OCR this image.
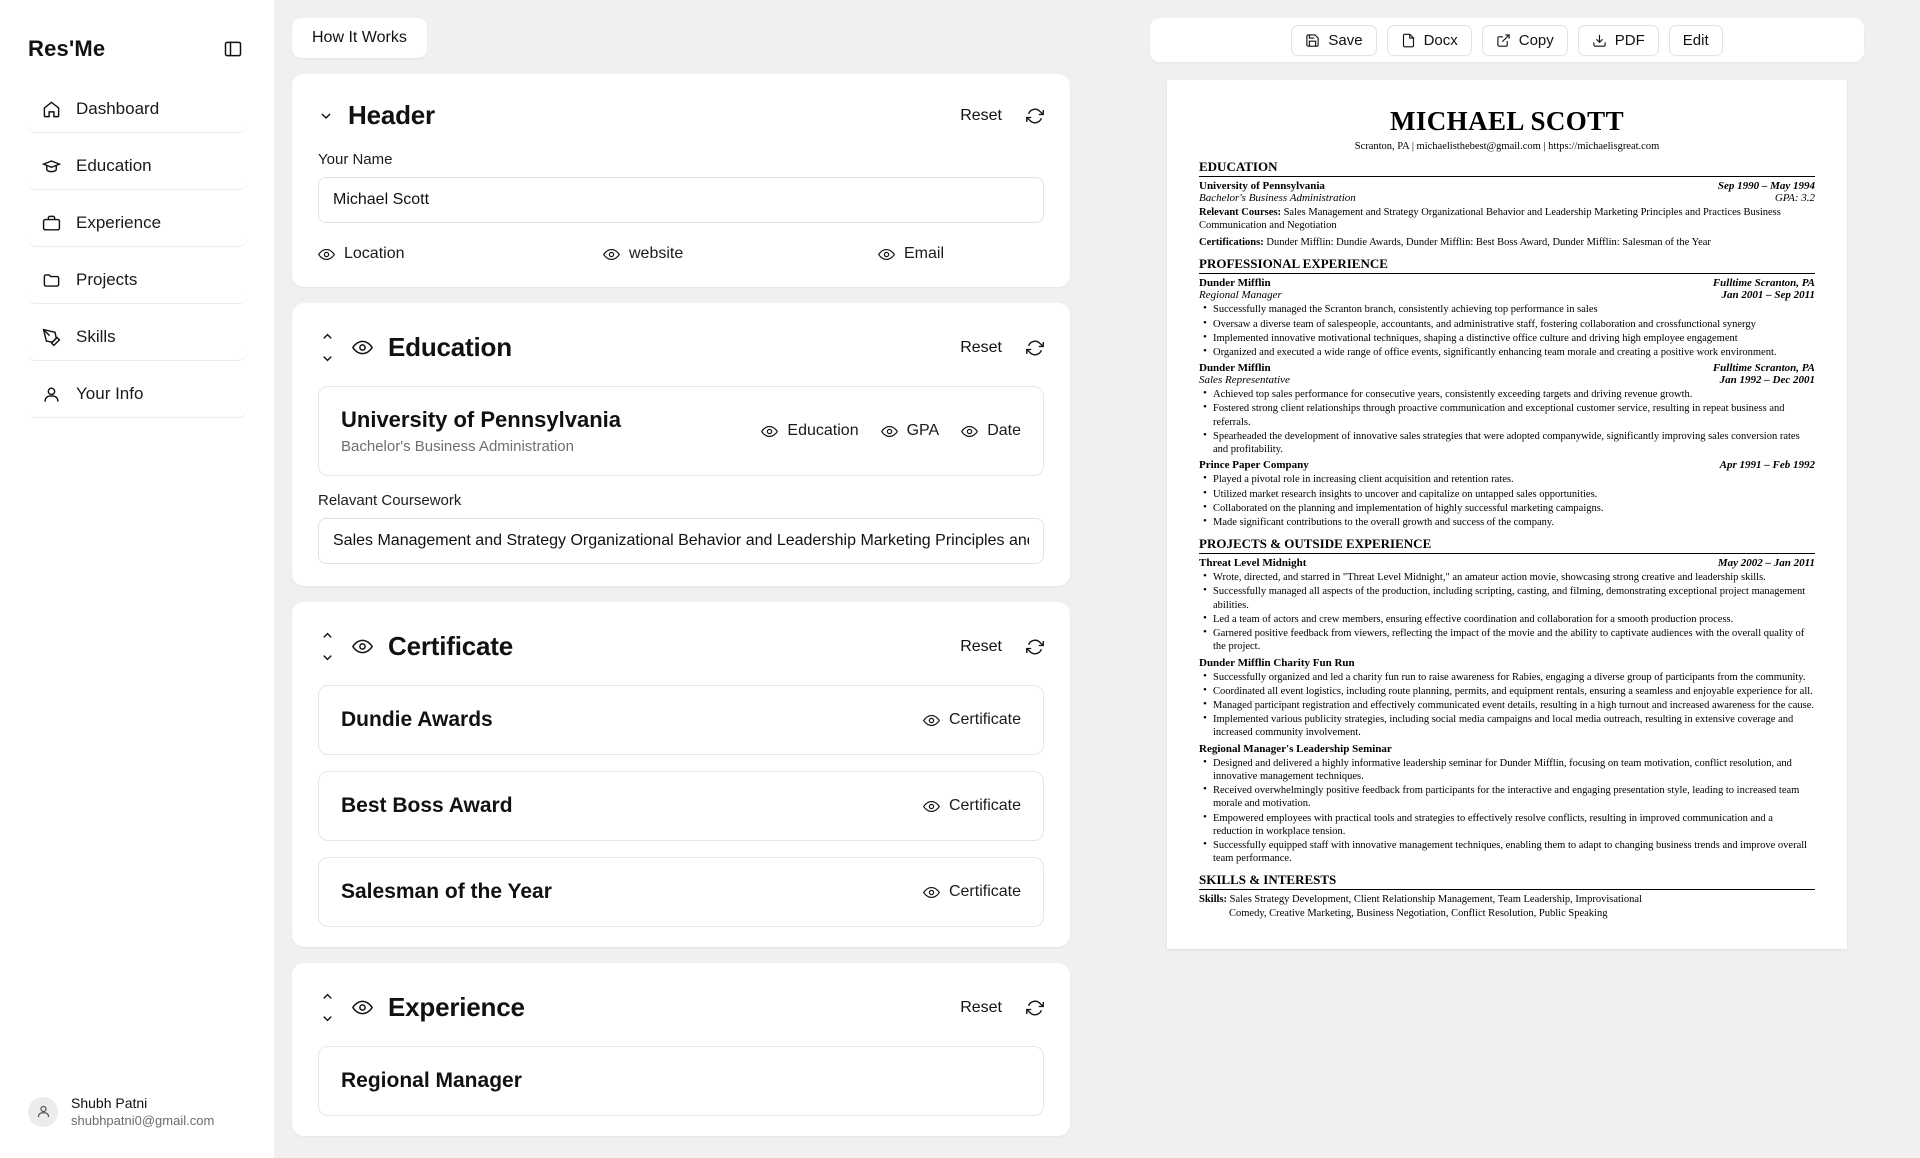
Res'Me
Dashboard
Education
Experience
Projects
Skills
Your Info
Shubh Patni
shubhpatni0@gmail.com
How It Works
Header	Reset
Your Name
Michael Scott
Location	website	Email
Education	Reset
University of Pennsylvania
Bachelor's Business Administration
Education	GPA	Date
Relavant Coursework
Sales Management and Strategy Organizational Behavior and Leadership Marketing Principles and Pr
Certificate	Reset
Dundie Awards	Certificate
Best Boss Award	Certificate
Salesman of the Year	Certificate
Experience	Reset
Regional Manager
Save	Docx	Copy	PDF	Edit
MICHAEL SCOTT
Scranton, PA | michaelisthebest@gmail.com | https://michaelisgreat.com
EDUCATION
University of Pennsylvania	Sep 1990 – May 1994
Bachelor's Business Administration	GPA: 3.2
Relevant Courses: Sales Management and Strategy Organizational Behavior and Leadership Marketing Principles and Practices Business Communication and Negotiation
Certifications: Dunder Mifflin: Dundie Awards, Dunder Mifflin: Best Boss Award, Dunder Mifflin: Salesman of the Year
PROFESSIONAL EXPERIENCE
Dunder Mifflin	Fulltime Scranton, PA
Regional Manager	Jan 2001 – Sep 2011
• Successfully managed the Scranton branch, consistently achieving top performance in sales
• Oversaw a diverse team of salespeople, accountants, and administrative staff, fostering collaboration and crossfunctional synergy
• Implemented innovative motivational techniques, shaping a distinctive office culture and driving high employee engagement
• Organized and executed a wide range of office events, significantly enhancing team morale and creating a positive work environment.
Dunder Mifflin	Fulltime Scranton, PA
Sales Representative	Jan 1992 – Dec 2001
• Achieved top sales performance for consecutive years, consistently exceeding targets and driving revenue growth.
• Fostered strong client relationships through proactive communication and exceptional customer service, resulting in repeat business and referrals.
• Spearheaded the development of innovative sales strategies that were adopted companywide, significantly improving sales conversion rates and profitability.
Prince Paper Company	Apr 1991 – Feb 1992
• Played a pivotal role in increasing client acquisition and retention rates.
• Utilized market research insights to uncover and capitalize on untapped sales opportunities.
• Collaborated on the planning and implementation of highly successful marketing campaigns.
• Made significant contributions to the overall growth and success of the company.
PROJECTS & OUTSIDE EXPERIENCE
Threat Level Midnight	May 2002 – Jan 2011
• Wrote, directed, and starred in "Threat Level Midnight," an amateur action movie, showcasing strong creative and leadership skills.
• Successfully managed all aspects of the production, including scripting, casting, and filming, demonstrating exceptional project management abilities.
• Led a team of actors and crew members, ensuring effective coordination and collaboration for a smooth production process.
• Garnered positive feedback from viewers, reflecting the impact of the movie and the ability to captivate audiences with the overall quality of the project.
Dunder Mifflin Charity Fun Run
• Successfully organized and led a charity fun run to raise awareness for Rabies, engaging a diverse group of participants from the community.
• Coordinated all event logistics, including route planning, permits, and equipment rentals, ensuring a seamless and enjoyable experience for all.
• Managed participant registration and effectively communicated event details, resulting in a high turnout and increased awareness for the cause.
• Implemented various publicity strategies, including social media campaigns and local media outreach, resulting in extensive coverage and increased community involvement.
Regional Manager's Leadership Seminar
• Designed and delivered a highly informative leadership seminar for Dunder Mifflin, focusing on team motivation, conflict resolution, and innovative management techniques.
• Received overwhelmingly positive feedback from participants for the interactive and engaging presentation style, leading to increased team morale and motivation.
• Empowered employees with practical tools and strategies to effectively resolve conflicts, resulting in improved communication and a reduction in workplace tension.
• Successfully equipped staff with innovative management techniques, enabling them to adapt to changing business trends and improve overall team performance.
SKILLS & INTERESTS
Skills: Sales Strategy Development, Client Relationship Management, Team Leadership, Improvisational
Comedy, Creative Marketing, Business Negotiation, Conflict Resolution, Public Speaking
